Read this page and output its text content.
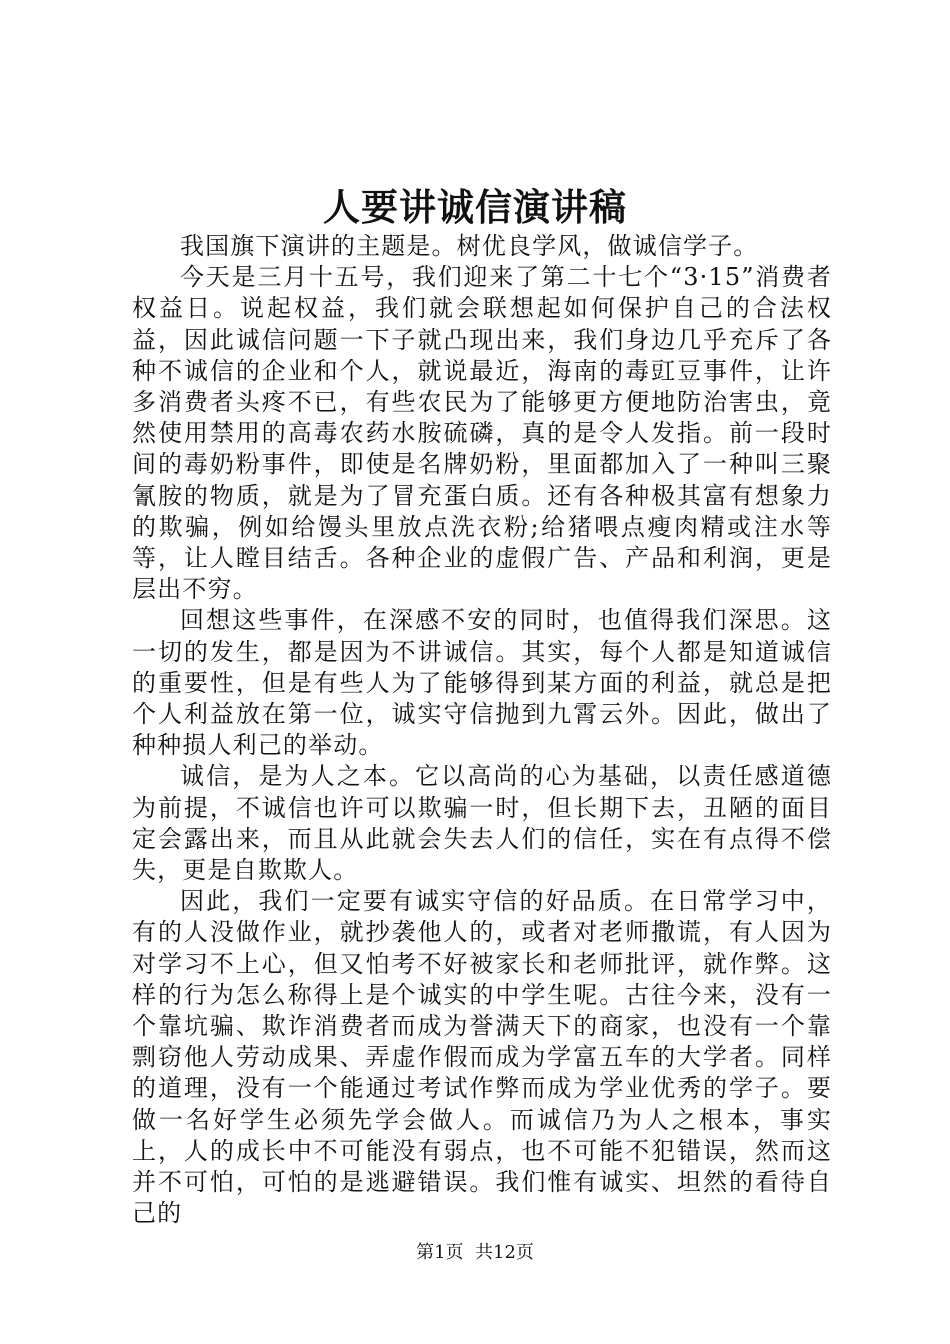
人要讲诚信演讲稿

我国旗下演讲的主题是。树优良学风，做诚信学子。

今天是三月十五号，我们迎来了第二十七个“3·15”消费者权益日。说起权益，我们就会联想起如何保护自己的合法权益，因此诚信问题一下子就凸现出来，我们身边几乎充斥了各种不诚信的企业和个人，就说最近，海南的毒豇豆事件，让许多消费者头疼不已，有些农民为了能够更方便地防治害虫，竟然使用禁用的高毒农药水胺硫磷，真的是令人发指。前一段时间的毒奶粉事件，即使是名牌奶粉，里面都加入了一种叫三聚氰胺的物质，就是为了冒充蛋白质。还有各种极其富有想象力的欺骗，例如给馒头里放点洗衣粉;给猪喂点瘦肉精或注水等等，让人瞠目结舌。各种企业的虚假广告、产品和利润，更是层出不穷。

回想这些事件，在深感不安的同时，也值得我们深思。这一切的发生，都是因为不讲诚信。其实，每个人都是知道诚信的重要性，但是有些人为了能够得到某方面的利益，就总是把个人利益放在第一位，诚实守信抛到九霄云外。因此，做出了种种损人利己的举动。

诚信，是为人之本。它以高尚的心为基础，以责任感道德为前提，不诚信也许可以欺骗一时，但长期下去，丑陋的面目定会露出来，而且从此就会失去人们的信任，实在有点得不偿失，更是自欺欺人。

因此，我们一定要有诚实守信的好品质。在日常学习中，有的人没做作业，就抄袭他人的，或者对老师撒谎，有人因为对学习不上心，但又怕考不好被家长和老师批评，就作弊。这样的行为怎么称得上是个诚实的中学生呢。古往今来，没有一个靠坑骗、欺诈消费者而成为誉满天下的商家，也没有一个靠剽窃他人劳动成果、弄虚作假而成为学富五车的大学者。同样的道理，没有一个能通过考试作弊而成为学业优秀的学子。要做一名好学生必须先学会做人。而诚信乃为人之根本，事实上，人的成长中不可能没有弱点，也不可能不犯错误，然而这并不可怕，可怕的是逃避错误。我们惟有诚实、坦然的看待自己的

第1页  共12页
